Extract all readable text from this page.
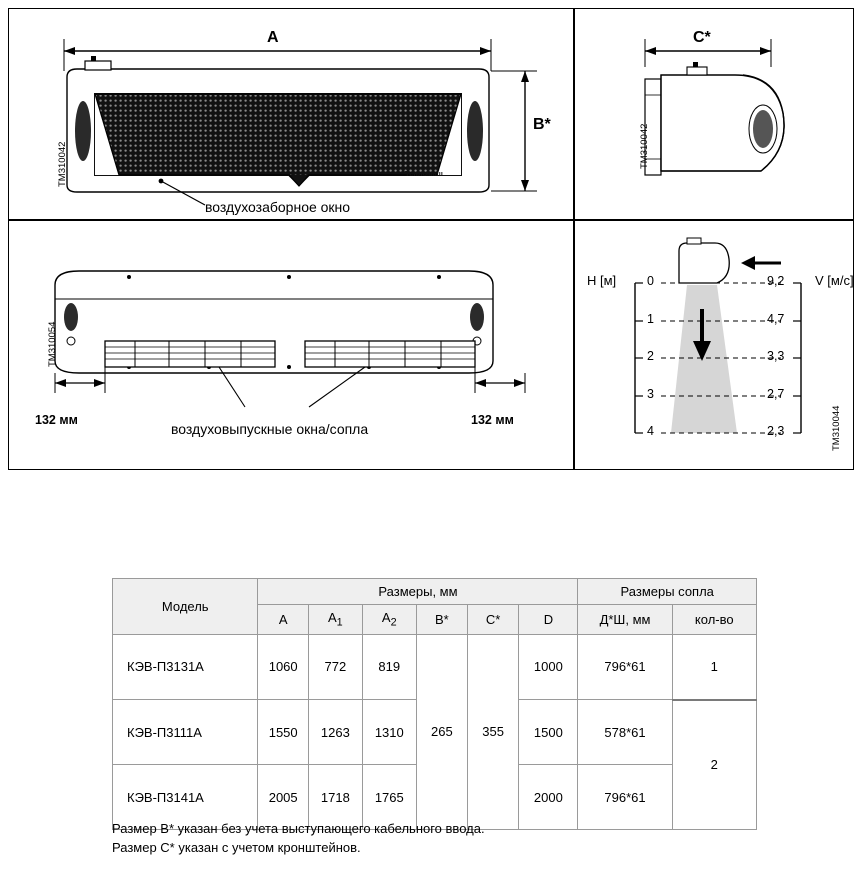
A
B*
ТМ310042	Тепломаш
воздухозаборное окно
C*
ТМ310042
ТМ310054
132 мм	132 мм
воздуховыпускные окна/сопла
H [м]	V [м/с]
0
1
2
3
4
9,2
4,7
3,3
2,7
2,3	ТМ310044
Модель	Размеры, мм						Размеры сопла	
	A	$A_1$	$A_2$	B*	C*	D	Д*Ш, мм	кол-во
КЭВ-П3131А	1060	772	819	265	355	1000	796*61	1
КЭВ-П3111А	1550	1263	1310			1500	578*61	2
КЭВ-П3141А	2005	1718	1765			2000	796*61	
Размер B* указан без учета выступающего кабельного ввода.
Размер C* указан с учетом кронштейнов.
